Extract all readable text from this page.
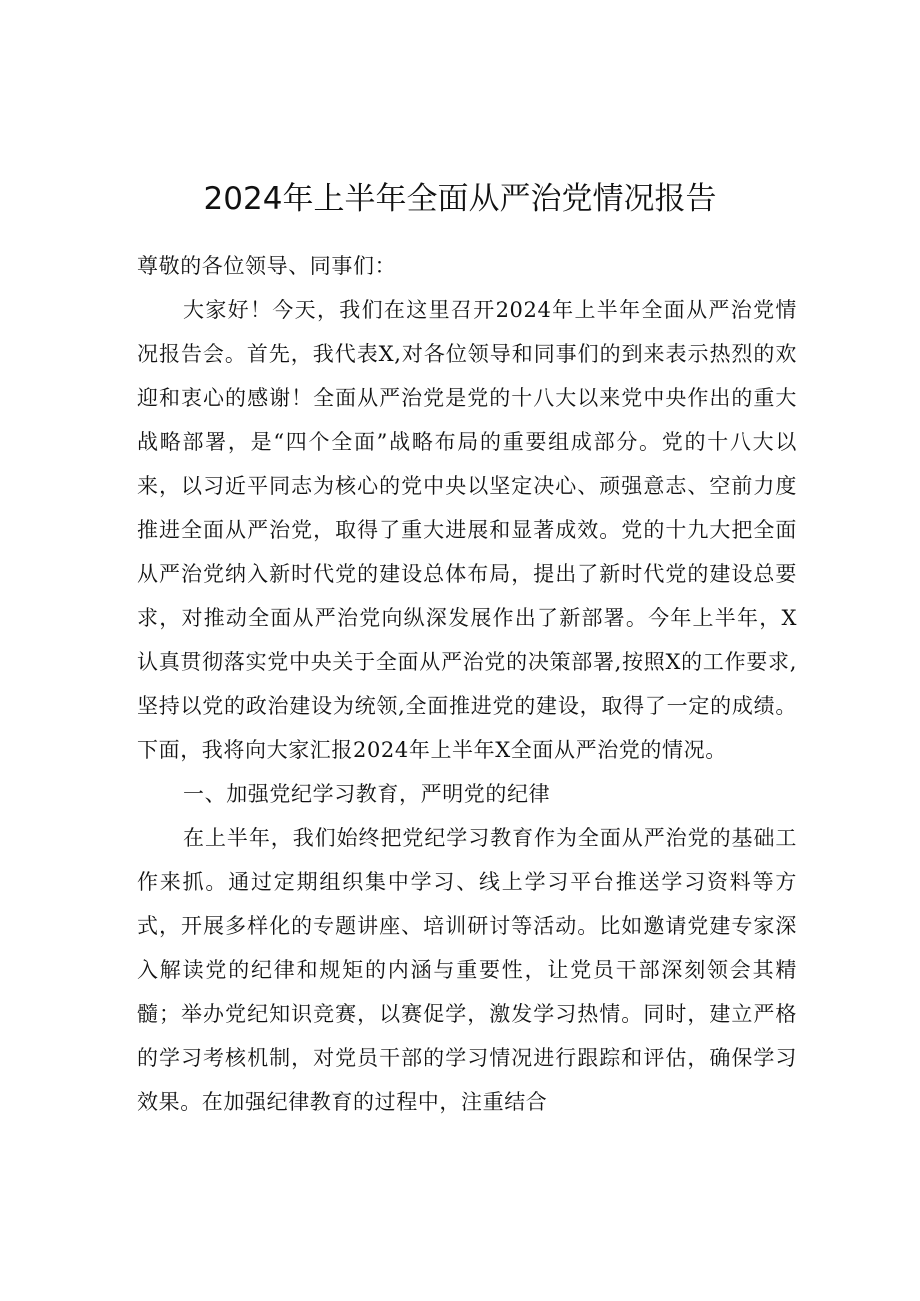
2024年上半年全面从严治党情况报告

尊敬的各位领导、同事们：

大家好！今天，我们在这里召开2024年上半年全面从严治党情况报告会。首先，我代表X,对各位领导和同事们的到来表示热烈的欢迎和衷心的感谢！全面从严治党是党的十八大以来党中央作出的重大战略部署，是“四个全面”战略布局的重要组成部分。党的十八大以来，以习近平同志为核心的党中央以坚定决心、顽强意志、空前力度推进全面从严治党，取得了重大进展和显著成效。党的十九大把全面从严治党纳入新时代党的建设总体布局，提出了新时代党的建设总要求，对推动全面从严治党向纵深发展作出了新部署。今年上半年，X认真贯彻落实党中央关于全面从严治党的决策部署,按照X的工作要求,坚持以党的政治建设为统领,全面推进党的建设，取得了一定的成绩。下面，我将向大家汇报2024年上半年X全面从严治党的情况。

一、加强党纪学习教育，严明党的纪律

在上半年，我们始终把党纪学习教育作为全面从严治党的基础工作来抓。通过定期组织集中学习、线上学习平台推送学习资料等方式，开展多样化的专题讲座、培训研讨等活动。比如邀请党建专家深入解读党的纪律和规矩的内涵与重要性，让党员干部深刻领会其精髓；举办党纪知识竞赛，以赛促学，激发学习热情。同时，建立严格的学习考核机制，对党员干部的学习情况进行跟踪和评估，确保学习效果。在加强纪律教育的过程中，注重结合
